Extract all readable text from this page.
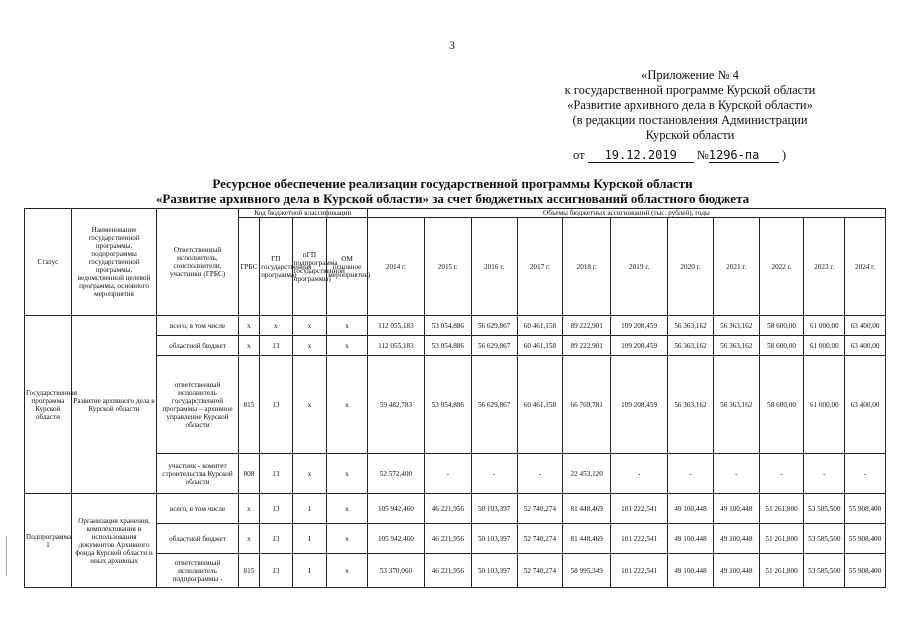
3
«Приложение № 4
к государственной программе Курской области
«Развитие архивного дела в Курской области»
(в редакции постановления Администрации
Курской области
от 19.12.2019 №1296-па )
Ресурсное обеспечение реализации государственной программы Курской области
«Развитие архивного дела в Курской области» за счет бюджетных ассигнований областного бюджета
Статус	Наименование государственной программы, подпрограммы государственной программы, ведомственной целевой программы, основного мероприятия	Ответственный исполнитель, соисполнители, участники (ГРБС)	Код бюджетной классификации				Объемы бюджетных ассигнований (тыс. рублей), годы										
			ГРБС	ГП государственная программа)	пГП подпрограмма государственной программы)	ОМ основное мероприятие)	2014 г.	2015 г.	2016 г.	2017 г.	2018 г.	2019 г.	2020 г.	2021 г.	2022 г.	2023 г.	2024 г.
Государственная программа Курской области	Развитие архивного дела в Курской области	всего, в том числе	х	х	х	х	112 055,183	53 054,886	56 629,867	60 461,158	89 222,901	109 208,459	56 363,162	56 363,162	58 600,00	61 000,00	63 400,00
		областной бюджет	х	13	х	х	112 055,183	53 054,886	56 629,867	60 461,158	89 222,901	109 208,459	56 363,162	56 363,162	58 600,00	61 000,00	63 400,00
		ответственный исполнитель государственной программы – архивное управление Курской области	815	13	х	х	59 482,783	53 054,886	56 629,867	60 461,158	66 769,781	109 208,459	56 363,162	56 363,162	58 600,00	61 000,00	63 400,00
		участник - комитет строительства Курской области	808	13	х	х	52 572,400	-	-	-	22 453,120	-	-	-	-	-	-
Подпрограмма 1	Организация хранения, комплектования и использования документов Архивного фонда Курской области и иных архивных	всего, в том числе	х	13	1	х	105 942,460	46 221,956	50 103,397	52 740,274	81 448,469	101 222,541	49 100,448	49 100,448	51 261,800	53 585,500	55 908,400
		областной бюджет	х	13	1	х	105 942,460	46 221,956	50 103,397	52 740,274	81 448,469	101 222,541	49 100,448	49 100,448	51 261,800	53 585,500	55 908,400
		ответственный исполнитель подпрограммы -	815	13	1	х	53 370,060	46 221,956	50 103,397	52 740,274	58 995,349	101 222,541	49 100,448	49 100,448	51 261,800	53 585,500	55 908,400
